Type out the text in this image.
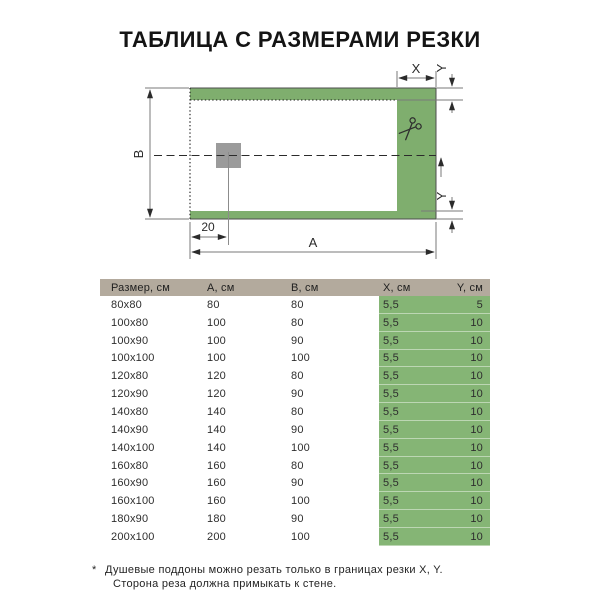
ТАБЛИЦА С РАЗМЕРАМИ РЕЗКИ
X Y
Y
B
A
20
Размер, см	А, см	В, см	X, см	Y, см
80x80	80	80	5,5	5
100x80	100	80	5,5	10
100x90	100	90	5,5	10
100x100	100	100	5,5	10
120x80	120	80	5,5	10
120x90	120	90	5,5	10
140x80	140	80	5,5	10
140x90	140	90	5,5	10
140x100	140	100	5,5	10
160x80	160	80	5,5	10
160x90	160	90	5,5	10
160x100	160	100	5,5	10
180x90	180	90	5,5	10
200x100	200	100	5,5	10
* Душевые поддоны можно резать только в границах резки X, Y.
Сторона реза должна примыкать к стене.
